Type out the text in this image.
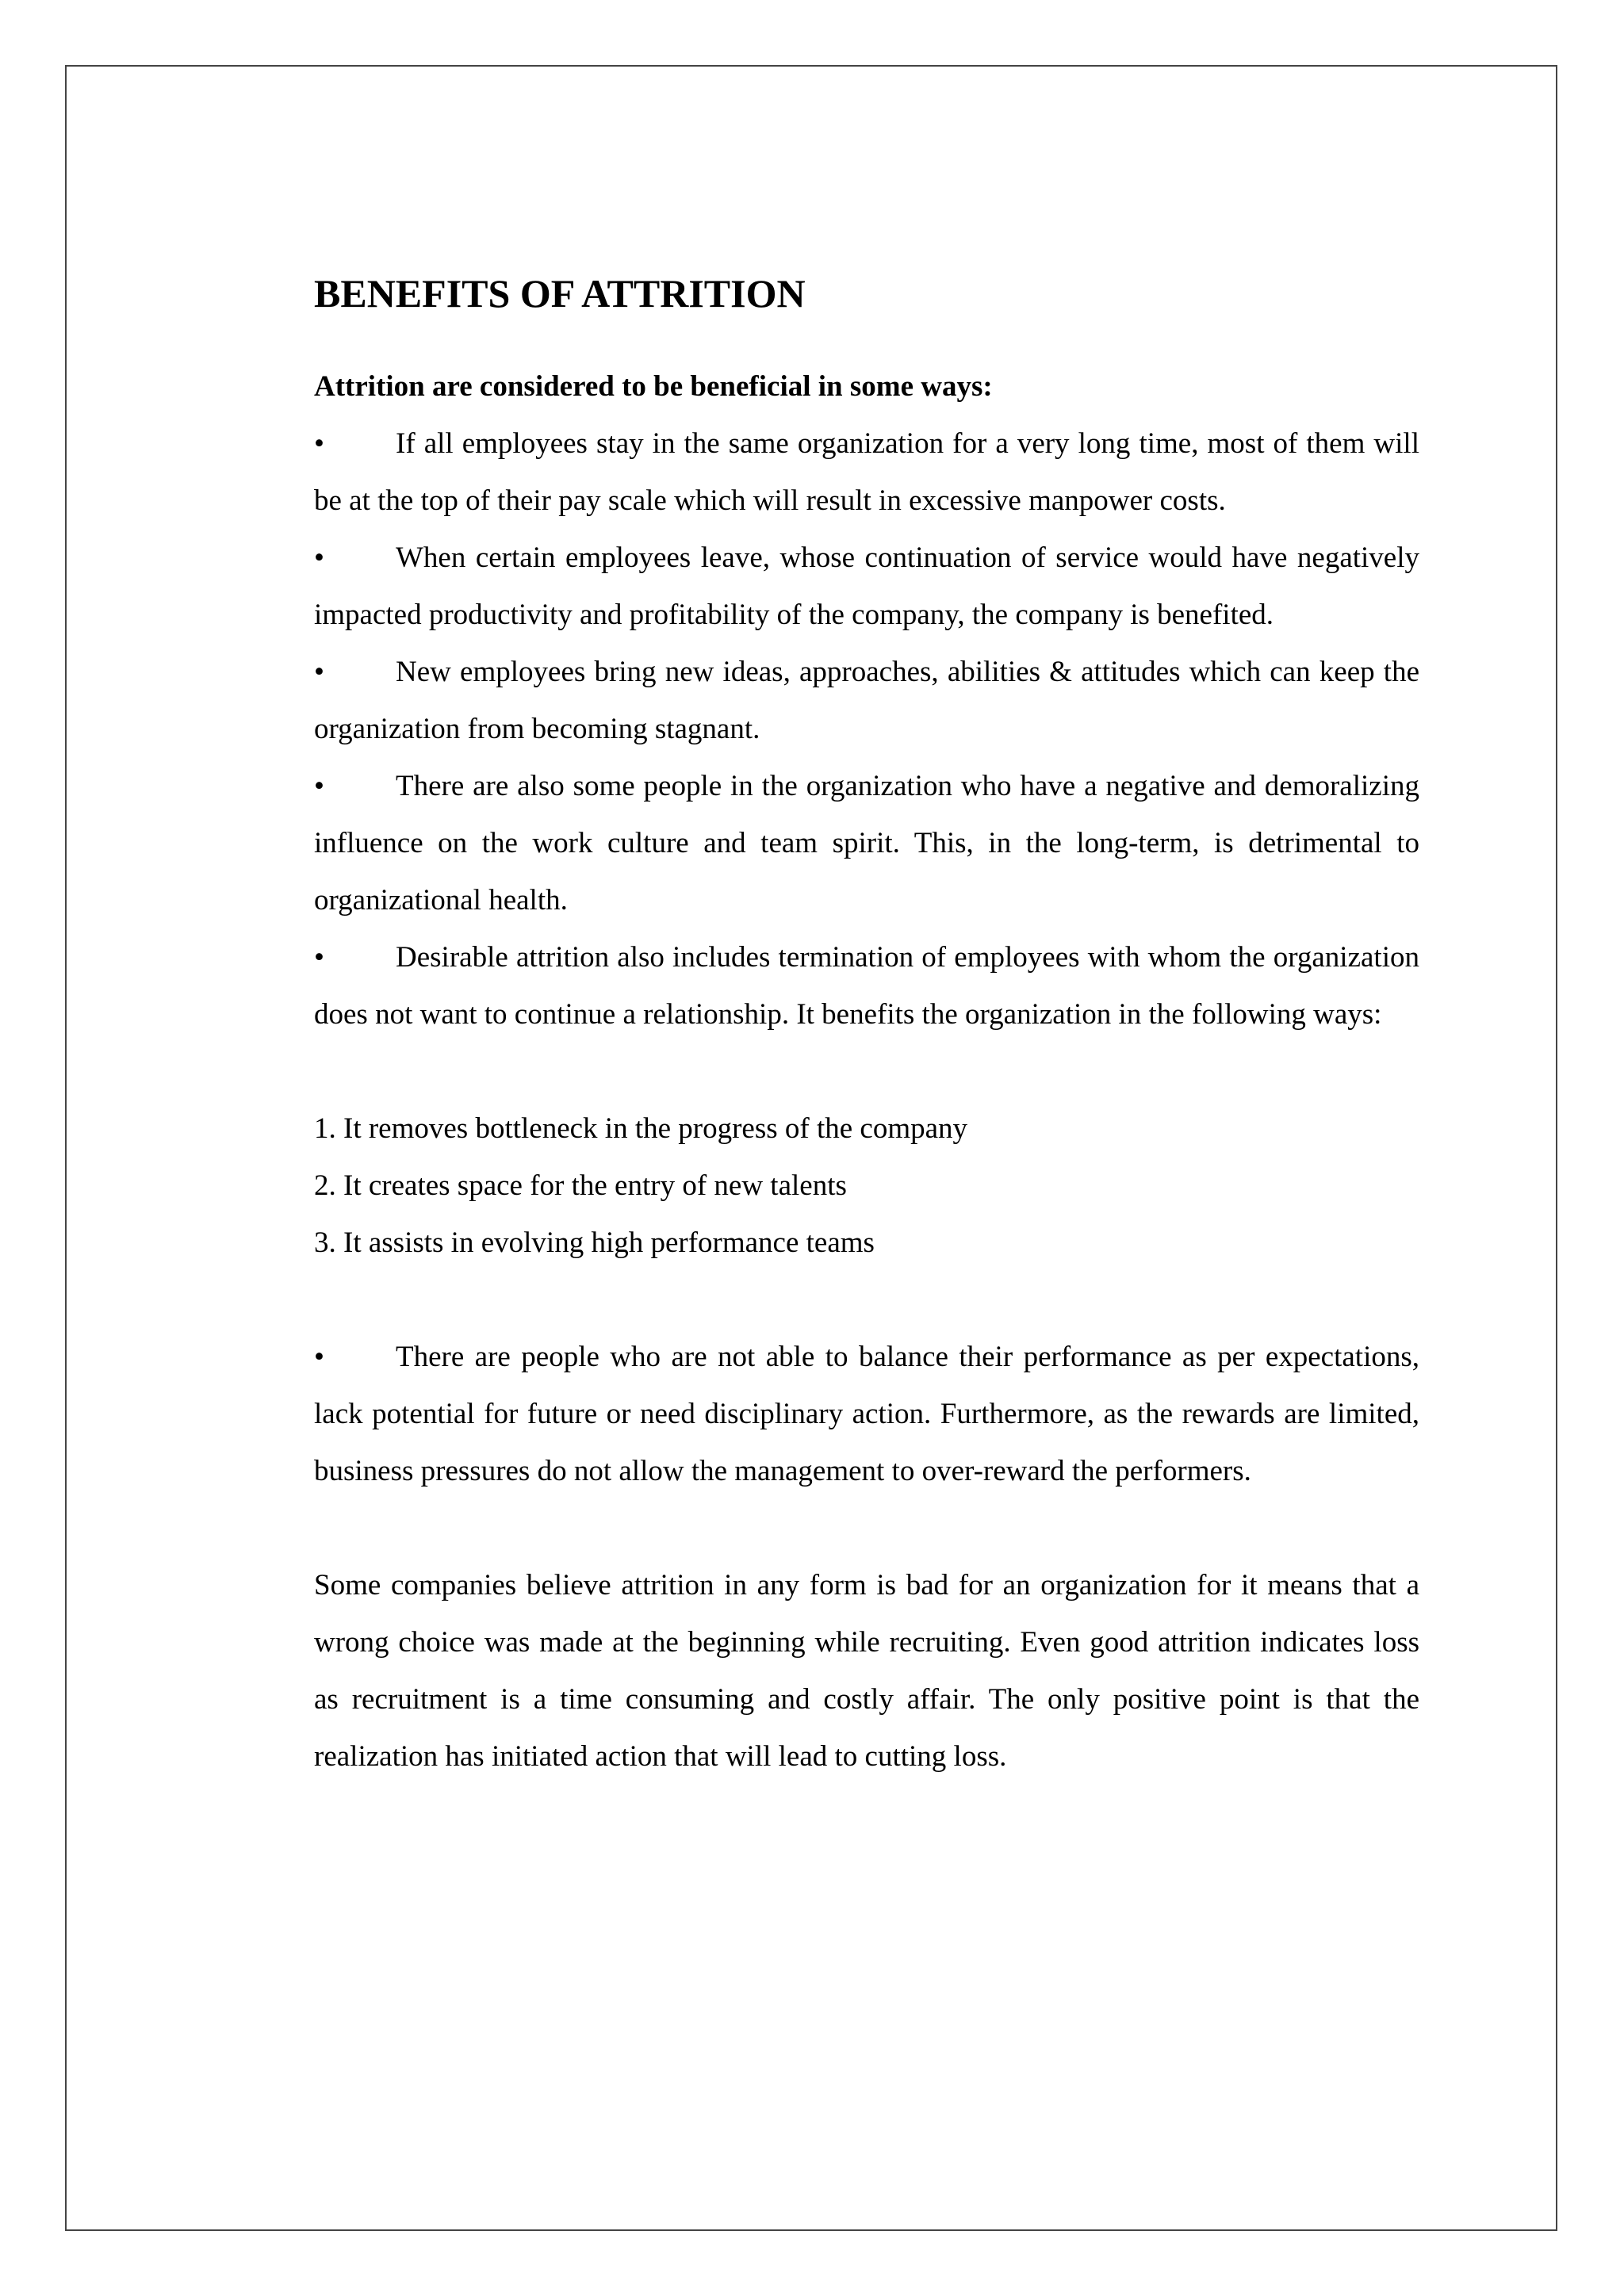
BENEFITS OF ATTRITION

Attrition are considered to be beneficial in some ways:

• If all employees stay in the same organization for a very long time, most of them will be at the top of their pay scale which will result in excessive manpower costs.
• When certain employees leave, whose continuation of service would have negatively impacted productivity and profitability of the company, the company is benefited.
• New employees bring new ideas, approaches, abilities & attitudes which can keep the organization from becoming stagnant.
• There are also some people in the organization who have a negative and demoralizing influence on the work culture and team spirit. This, in the long-term, is detrimental to organizational health.
• Desirable attrition also includes termination of employees with whom the organization does not want to continue a relationship. It benefits the organization in the following ways:
1. It removes bottleneck in the progress of the company
2. It creates space for the entry of new talents
3. It assists in evolving high performance teams
• There are people who are not able to balance their performance as per expectations, lack potential for future or need disciplinary action. Furthermore, as the rewards are limited, business pressures do not allow the management to over-reward the performers.

Some companies believe attrition in any form is bad for an organization for it means that a wrong choice was made at the beginning while recruiting. Even good attrition indicates loss as recruitment is a time consuming and costly affair. The only positive point is that the realization has initiated action that will lead to cutting loss.
